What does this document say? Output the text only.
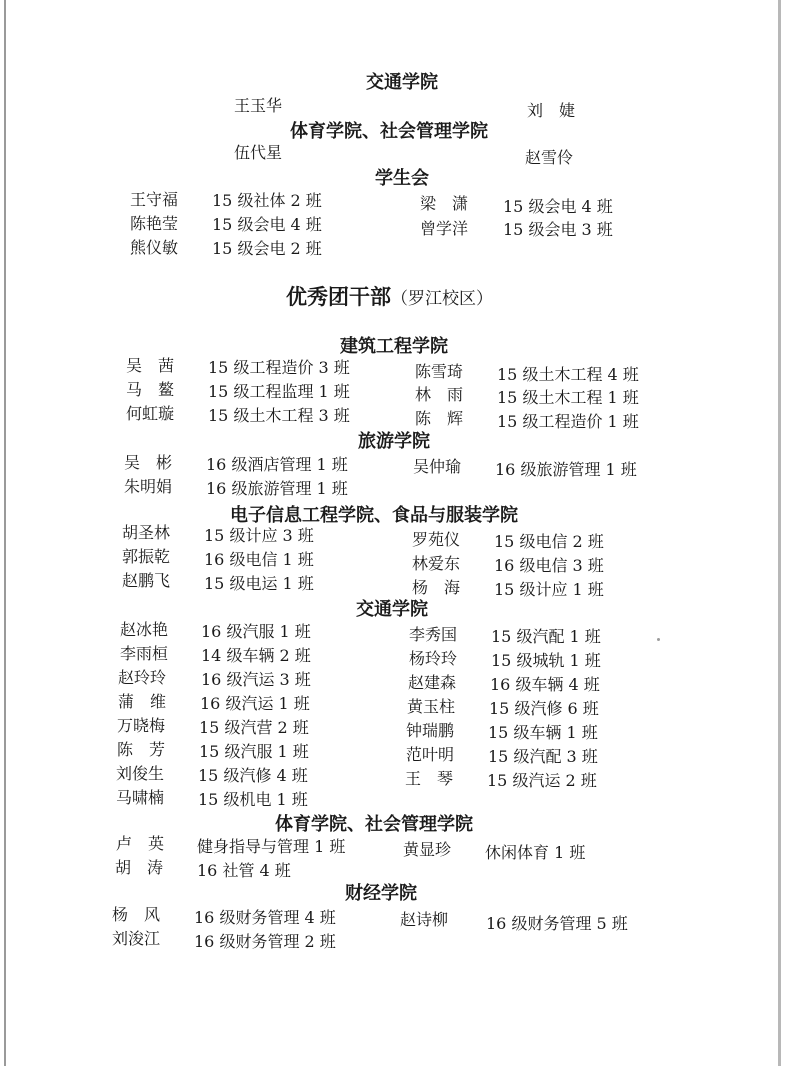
交通学院
王玉华	刘　婕
体育学院、社会管理学院
伍代星	赵雪伶
学生会
王守福 15 级社体 2 班	梁　潇 15 级会电 4 班
陈艳莹 15 级会电 4 班	曾学洋 15 级会电 3 班
熊仪敏 15 级会电 2 班
优秀团干部（罗江校区）
建筑工程学院
吴　茜 15 级工程造价 3 班	陈雪琦 15 级土木工程 4 班
马　鳌 15 级工程监理 1 班	林　雨 15 级土木工程 1 班
何虹璇 15 级土木工程 3 班	陈　辉 15 级工程造价 1 班
旅游学院
吴　彬 16 级酒店管理 1 班	吴仲瑜 16 级旅游管理 1 班
朱明娟 16 级旅游管理 1 班
电子信息工程学院、食品与服装学院
胡圣林 15 级计应 3 班	罗苑仪 15 级电信 2 班
郭振乾 16 级电信 1 班	林爱东 16 级电信 3 班
赵鹏飞 15 级电运 1 班	杨　海 15 级计应 1 班
交通学院
赵冰艳 16 级汽服 1 班	李秀国 15 级汽配 1 班
李雨桓 14 级车辆 2 班	杨玲玲 15 级城轨 1 班
赵玲玲 16 级汽运 3 班	赵建森 16 级车辆 4 班
蒲　维 16 级汽运 1 班	黄玉柱 15 级汽修 6 班
万晓梅 15 级汽营 2 班	钟瑞鹏 15 级车辆 1 班
陈　芳 15 级汽服 1 班	范叶明 15 级汽配 3 班
刘俊生 15 级汽修 4 班	王　琴 15 级汽运 2 班
马啸楠 15 级机电 1 班
体育学院、社会管理学院
卢　英 健身指导与管理 1 班	黄显珍 休闲体育 1 班
胡　涛 16 社管 4 班
财经学院
杨　风 16 级财务管理 4 班	赵诗柳 16 级财务管理 5 班
刘浚江 16 级财务管理 2 班
